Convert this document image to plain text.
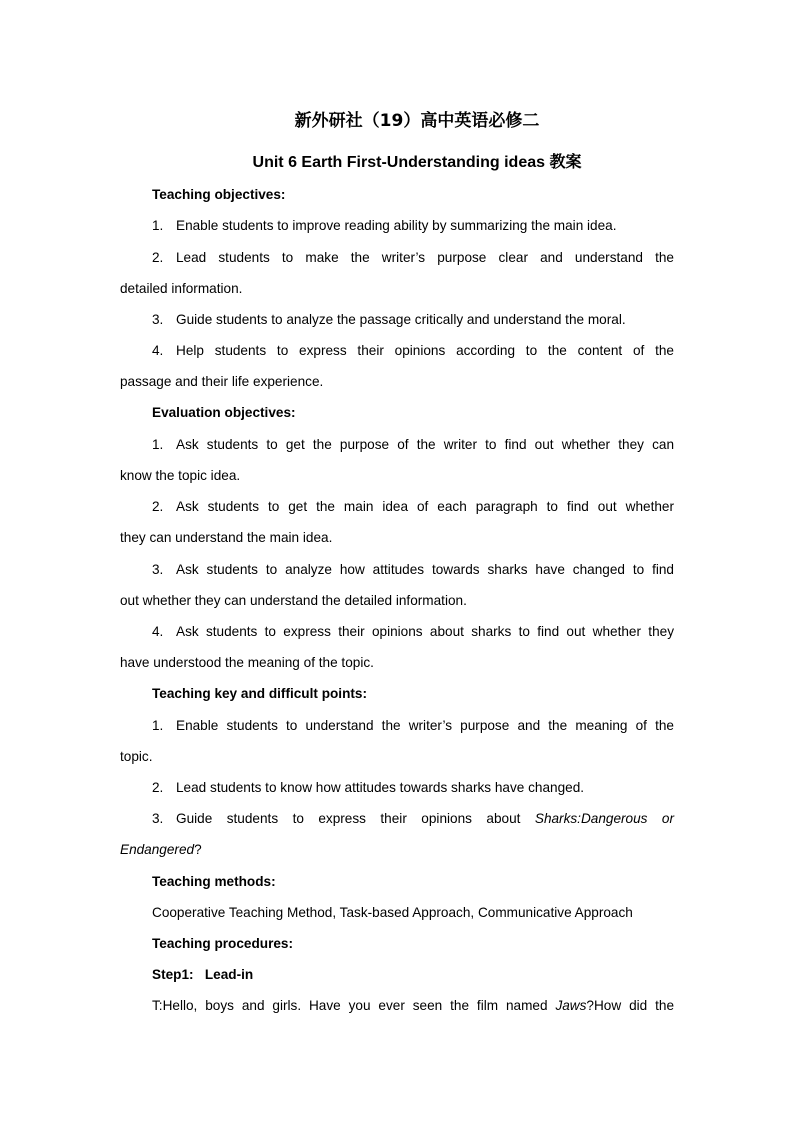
新外研社（19）高中英语必修二
Unit 6 Earth First-Understanding ideas 教案
Teaching objectives:
1. Enable students to improve reading ability by summarizing the main idea.
2. Lead students to make the writer’s purpose clear and understand the
detailed information.
3. Guide students to analyze the passage critically and understand the moral.
4. Help students to express their opinions according to the content of the
passage and their life experience.
Evaluation objectives:
1. Ask students to get the purpose of the writer to find out whether they can
know the topic idea.
2. Ask students to get the main idea of each paragraph to find out whether
they can understand the main idea.
3. Ask students to analyze how attitudes towards sharks have changed to find
out whether they can understand the detailed information.
4. Ask students to express their opinions about sharks to find out whether they
have understood the meaning of the topic.
Teaching key and difficult points:
1. Enable students to understand the writer’s purpose and the meaning of the
topic.
2. Lead students to know how attitudes towards sharks have changed.
3. Guide students to express their opinions about Sharks:Dangerous or
Endangered?
Teaching methods:
Cooperative Teaching Method, Task-based Approach, Communicative Approach
Teaching procedures:
Step1:   Lead-in
T:Hello, boys and girls. Have you ever seen the film named Jaws?How did the
